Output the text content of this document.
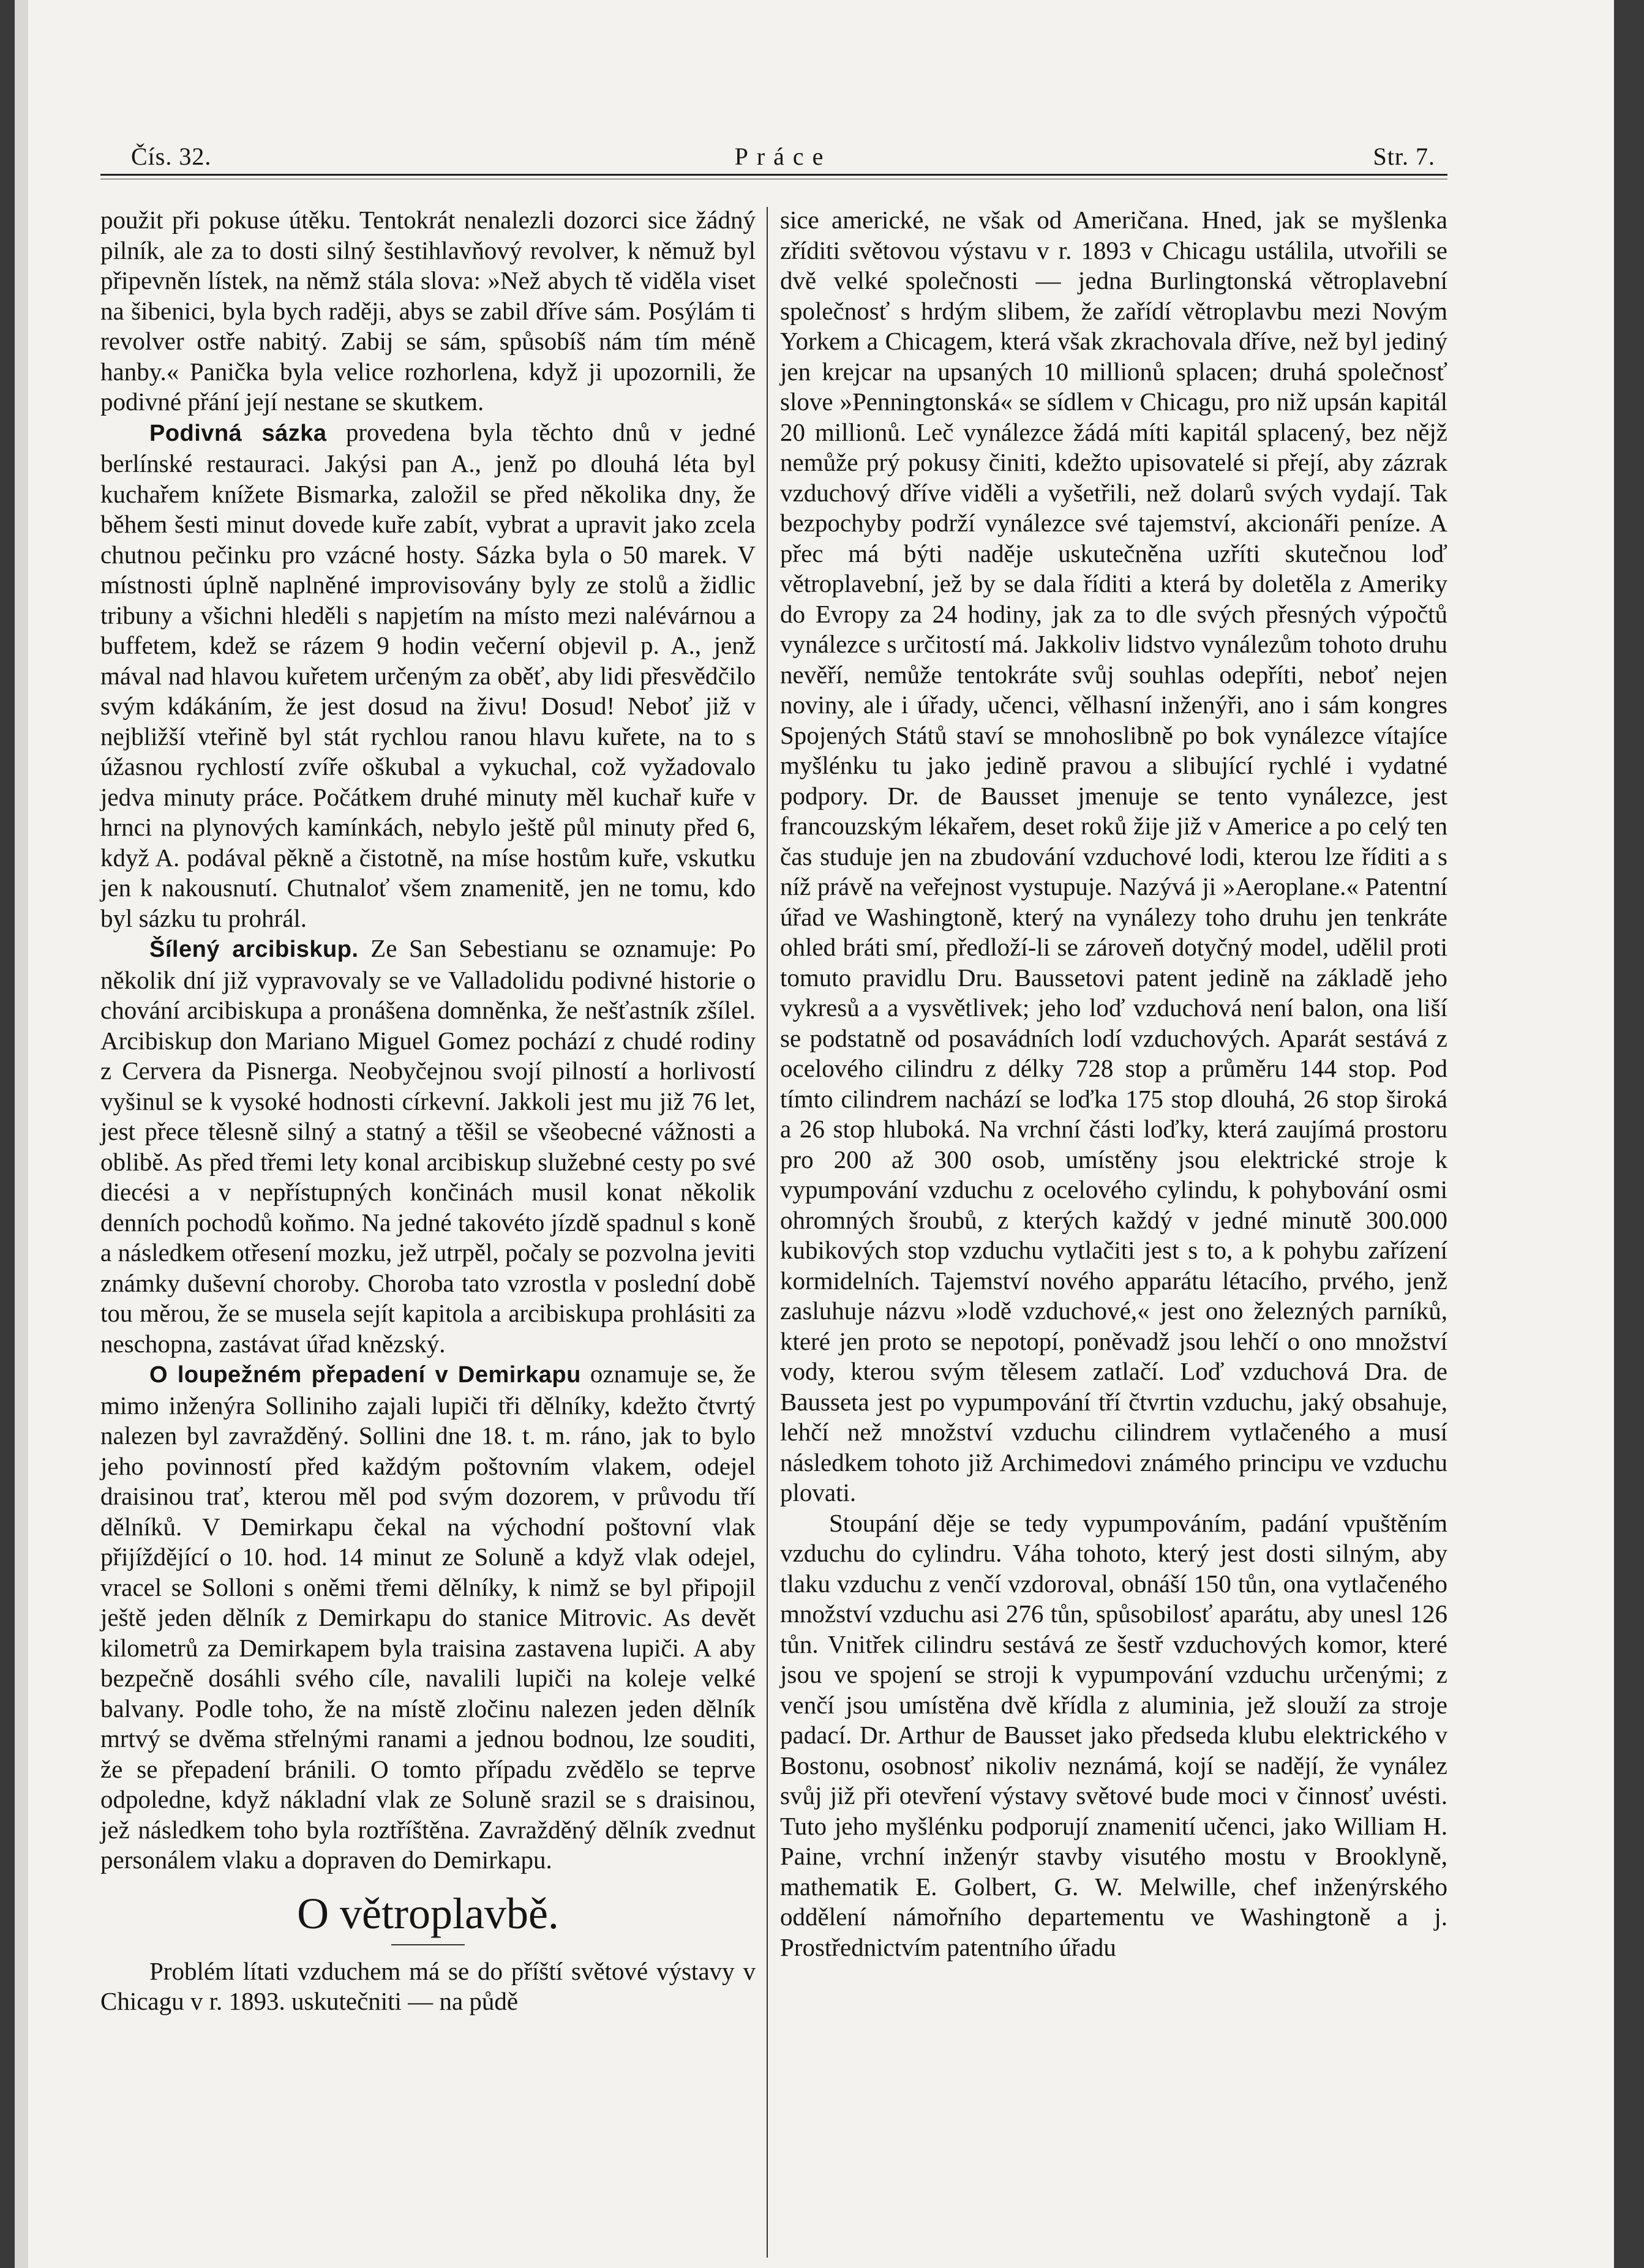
Čís. 32.	Práce	Str. 7.

použit při pokuse útěku. Tentokrát nenalezli dozorci sice žádný pilník, ale za to dosti silný šestihlavňový revolver, k němuž byl připevněn lístek, na němž stála slova: »Než abych tě viděla viset na šibenici, byla bych raději, abys se zabil dříve sám. Posýlám ti revolver ostře nabitý. Zabij se sám, spůsobíš nám tím méně hanby.« Panička byla velice rozhorlena, když ji upozornili, že podivné přání její nestane se skutkem.

Podivná sázka provedena byla těchto dnů v jedné berlínské restauraci. Jakýsi pan A., jenž po dlouhá léta byl kuchařem knížete Bismarka, založil se před několika dny, že během šesti minut dovede kuře zabít, vybrat a upravit jako zcela chutnou pečinku pro vzácné hosty. Sázka byla o 50 marek. V místnosti úplně naplněné improvisovány byly ze stolů a židlic tribuny a všichni hleděli s napjetím na místo mezi nalévárnou a buffetem, kdež se rázem 9 hodin večerní objevil p. A., jenž mával nad hlavou kuřetem určeným za oběť, aby lidi přesvědčilo svým kdákáním, že jest dosud na živu! Dosud! Neboť již v nejbližší vteřině byl stát rychlou ranou hlavu kuřete, na to s úžasnou rychlostí zvíře oškubal a vykuchal, což vyžadovalo jedva minuty práce. Počátkem druhé minuty měl kuchař kuře v hrnci na plynových kamínkách, nebylo ještě půl minuty před 6, když A. podával pěkně a čistotně, na míse hostům kuře, vskutku jen k nakousnutí. Chutnaloť všem znamenitě, jen ne tomu, kdo byl sázku tu prohrál.

Šílený arcibiskup. Ze San Sebestianu se oznamuje: Po několik dní již vypravovaly se ve Valladolidu podivné historie o chování arcibiskupa a pronášena domněnka, že nešťastník zšílel. Arcibiskup don Mariano Miguel Gomez pochází z chudé rodiny z Cervera da Pisnerga. Neobyčejnou svojí pilností a horlivostí vyšinul se k vysoké hodnosti církevní. Jakkoli jest mu již 76 let, jest přece tělesně silný a statný a těšil se všeobecné vážnosti a oblibě. As před třemi lety konal arcibiskup služebné cesty po své diecési a v nepřístupných končinách musil konat několik denních pochodů koňmo. Na jedné takovéto jízdě spadnul s koně a následkem otřesení mozku, jež utrpěl, počaly se pozvolna jeviti známky duševní choroby. Choroba tato vzrostla v poslední době tou měrou, že se musela sejít kapitola a arcibiskupa prohlásiti za neschopna, zastávat úřad knězský.

O loupežném přepadení v Demirkapu oznamuje se, že mimo inženýra Solliniho zajali lupiči tři dělníky, kdežto čtvrtý nalezen byl zavražděný. Sollini dne 18. t. m. ráno, jak to bylo jeho povinností před každým poštovním vlakem, odejel draisinou trať, kterou měl pod svým dozorem, v průvodu tří dělníků. V Demirkapu čekal na východní poštovní vlak přijíždějící o 10. hod. 14 minut ze Soluně a když vlak odejel, vracel se Solloni s oněmi třemi dělníky, k nimž se byl připojil ještě jeden dělník z Demirkapu do stanice Mitrovic. As devět kilometrů za Demirkapem byla traisina zastavena lupiči. A aby bezpečně dosáhli svého cíle, navalili lupiči na koleje velké balvany. Podle toho, že na místě zločinu nalezen jeden dělník mrtvý se dvěma střelnými ranami a jednou bodnou, lze souditi, že se přepadení bránili. O tomto případu zvědělo se teprve odpoledne, když nákladní vlak ze Soluně srazil se s draisinou, jež následkem toho byla roztříštěna. Zavražděný dělník zvednut personálem vlaku a dopraven do Demirkapu.

O větroplavbě.

Problém lítati vzduchem má se do příští světové výstavy v Chicagu v r. 1893. uskutečniti — na půdě

sice americké, ne však od Američana. Hned, jak se myšlenka zříditi světovou výstavu v r. 1893 v Chicagu ustálila, utvořili se dvě velké společnosti — jedna Burlingtonská větroplavební společnosť s hrdým slibem, že zařídí větroplavbu mezi Novým Yorkem a Chicagem, která však zkrachovala dříve, než byl jediný jen krejcar na upsaných 10 millionů splacen; druhá společnosť slove »Penningtonská« se sídlem v Chicagu, pro niž upsán kapitál 20 millionů. Leč vynálezce žádá míti kapitál splacený, bez nějž nemůže prý pokusy činiti, kdežto upisovatelé si přejí, aby zázrak vzduchový dříve viděli a vyšetřili, než dolarů svých vydají. Tak bezpochyby podrží vynálezce své tajemství, akcionáři peníze. A přec má býti naděje uskutečněna uzříti skutečnou loď větroplavební, jež by se dala říditi a která by doletěla z Ameriky do Evropy za 24 hodiny, jak za to dle svých přesných výpočtů vynálezce s určitostí má. Jakkoliv lidstvo vynálezům tohoto druhu nevěří, nemůže tentokráte svůj souhlas odepříti, neboť nejen noviny, ale i úřady, učenci, vělhasní inženýři, ano i sám kongres Spojených Států staví se mnohoslibně po bok vynálezce vítajíce myšlénku tu jako jedině pravou a slibující rychlé i vydatné podpory. Dr. de Bausset jmenuje se tento vynálezce, jest francouzským lékařem, deset roků žije již v Americe a po celý ten čas studuje jen na zbudování vzduchové lodi, kterou lze říditi a s níž právě na veřejnost vystupuje. Nazývá ji »Aeroplane.« Patentní úřad ve Washingtoně, který na vynálezy toho druhu jen tenkráte ohled bráti smí, předloží-li se zároveň dotyčný model, udělil proti tomuto pravidlu Dru. Baussetovi patent jedině na základě jeho vykresů a a vysvětlivek; jeho loď vzduchová není balon, ona liší se podstatně od posavádních lodí vzduchových. Aparát sestává z ocelového cilindru z délky 728 stop a průměru 144 stop. Pod tímto cilindrem nachází se loďka 175 stop dlouhá, 26 stop široká a 26 stop hluboká. Na vrchní části loďky, která zaujímá prostoru pro 200 až 300 osob, umístěny jsou elektrické stroje k vypumpování vzduchu z ocelového cylindu, k pohybování osmi ohromných šroubů, z kterých každý v jedné minutě 300.000 kubikových stop vzduchu vytlačiti jest s to, a k pohybu zařízení kormidelních. Tajemství nového apparátu létacího, prvého, jenž zasluhuje názvu »lodě vzduchové,« jest ono železných parníků, které jen proto se nepotopí, poněvadž jsou lehčí o ono množství vody, kterou svým tělesem zatlačí. Loď vzduchová Dra. de Bausseta jest po vypumpování tří čtvrtin vzduchu, jaký obsahuje, lehčí než množství vzduchu cilindrem vytlačeného a musí následkem tohoto již Archimedovi známého principu ve vzduchu plovati.

Stoupání děje se tedy vypumpováním, padání vpuštěním vzduchu do cylindru. Váha tohoto, který jest dosti silným, aby tlaku vzduchu z venčí vzdoroval, obnáší 150 tůn, ona vytlačeného množství vzduchu asi 276 tůn, spůsobilosť aparátu, aby unesl 126 tůn. Vnitřek cilindru sestává ze šestř vzduchových komor, které jsou ve spojení se stroji k vypumpování vzduchu určenými; z venčí jsou umístěna dvě křídla z aluminia, jež slouží za stroje padací. Dr. Arthur de Bausset jako předseda klubu elektrického v Bostonu, osobnosť nikoliv neznámá, kojí se nadějí, že vynález svůj již při otevření výstavy světové bude moci v činnosť uvésti. Tuto jeho myšlénku podporují znamenití učenci, jako William H. Paine, vrchní inženýr stavby visutého mostu v Brooklyně, mathematik E. Golbert, G. W. Melwille, chef inženýrského oddělení námořního departementu ve Washingtoně a j. Prostřednictvím patentního úřadu
